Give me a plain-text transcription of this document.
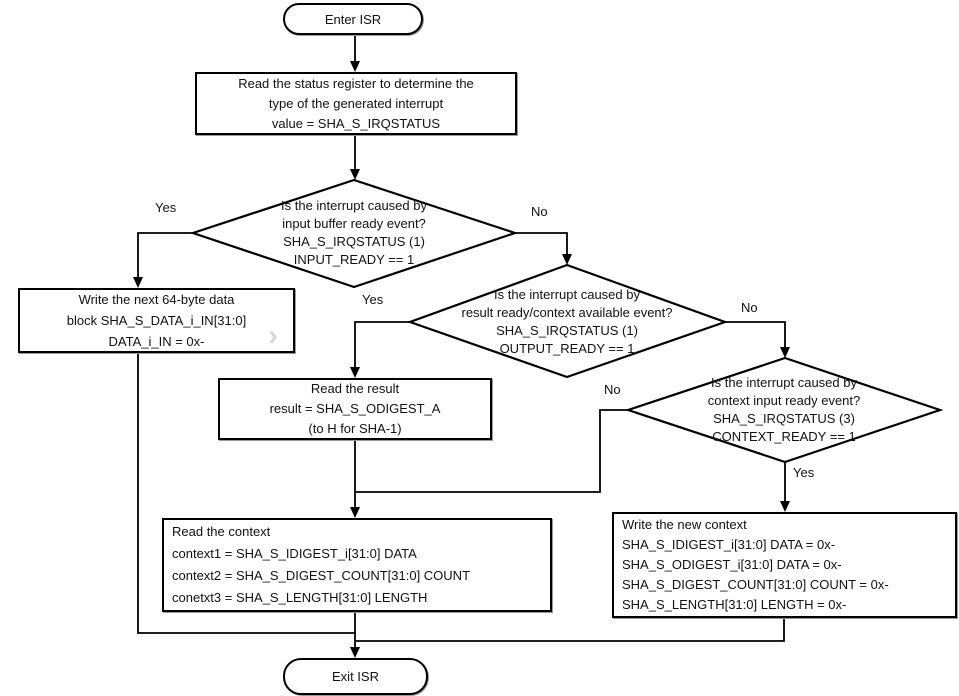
Enter ISR
Read the status register to determine the
type of the generated interrupt
value = SHA_S_IRQSTATUS
Is the interrupt caused by
input buffer ready event?
SHA_S_IRQSTATUS (1)
INPUT_READY == 1
Yes	No
Yes
No
No
Yes
Write the next 64-byte data
block SHA_S_DATA_i_IN[31:0]
DATA_i_IN = 0x- ›
Is the interrupt caused by
result ready/context available event?
SHA_S_IRQSTATUS (1)
OUTPUT_READY == 1
Read the result
result = SHA_S_ODIGEST_A
(to H for SHA-1)
Is the interrupt caused by
context input ready event?
SHA_S_IRQSTATUS (3)
CONTEXT_READY == 1
Read the context
context1 = SHA_S_IDIGEST_i[31:0] DATA
context2 = SHA_S_DIGEST_COUNT[31:0] COUNT
conetxt3 = SHA_S_LENGTH[31:0] LENGTH
Write the new context
SHA_S_IDIGEST_i[31:0] DATA = 0x-
SHA_S_ODIGEST_i[31:0] DATA = 0x-
SHA_S_DIGEST_COUNT[31:0] COUNT = 0x-
SHA_S_LENGTH[31:0] LENGTH = 0x-
Exit ISR
